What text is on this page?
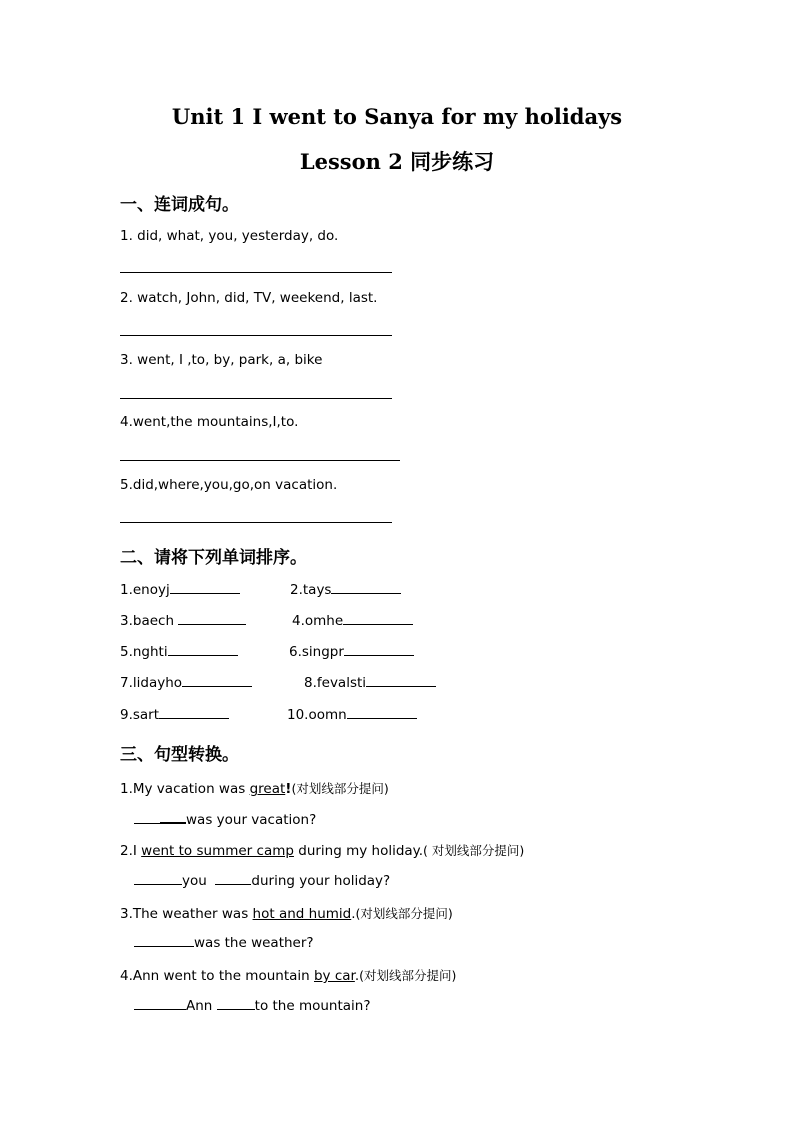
Unit 1 I went to Sanya for my holidays
Lesson 2 同步练习
一、连词成句。
1. did, what, you, yesterday, do.
2. watch, John, did, TV, weekend, last.
3. went, I ,to, by, park, a, bike
4.went,the mountains,I,to.
5.did,where,you,go,on vacation.
二、请将下列单词排序。
1.enoyj	2.tays
3.baech	4.omhe
5.nghti	6.singpr
7.lidayho	8.fevalsti
9.sart	10.oomn
三、句型转换。
1.My vacation was great!(对划线部分提问)
was your vacation?
2.I went to summer camp during my holiday.( 对划线部分提问)
you	during your holiday?
3.The weather was hot and humid.(对划线部分提问)
was the weather?
4.Ann went to the mountain by car.(对划线部分提问)
Ann	to the mountain?
